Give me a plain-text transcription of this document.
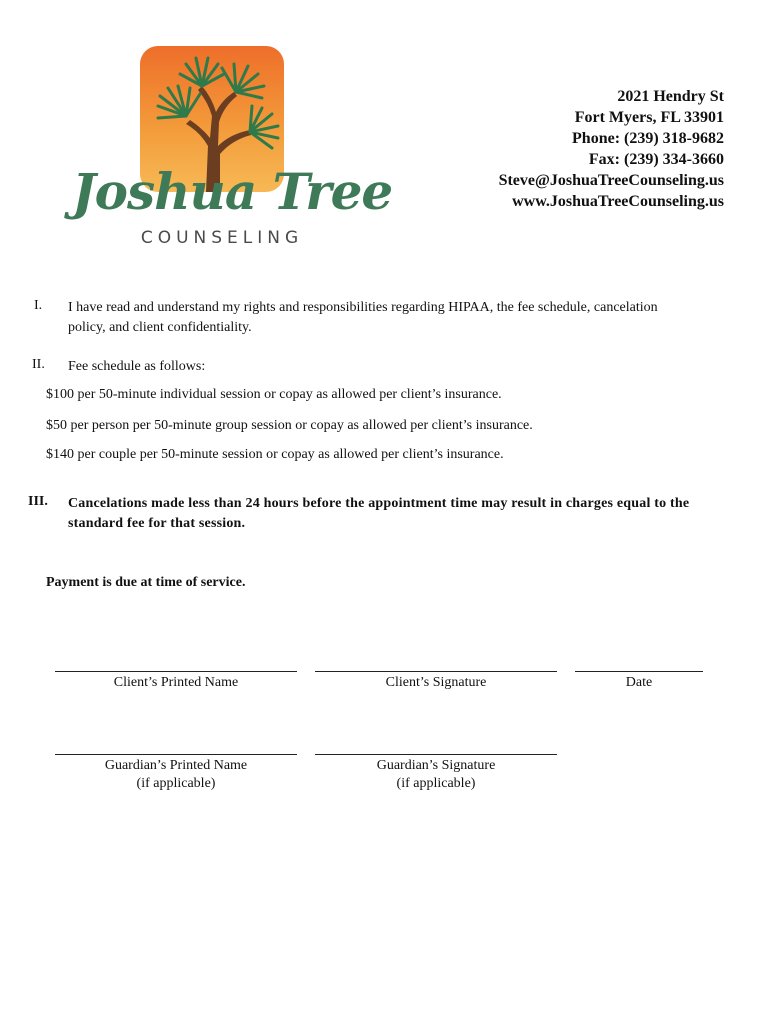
Joshua Tree
COUNSELING
2021 Hendry St
Fort Myers, FL 33901
Phone: (239) 318-9682
Fax: (239) 334-3660
Steve@JoshuaTreeCounseling.us
www.JoshuaTreeCounseling.us
I. I have read and understand my rights and responsibilities regarding HIPAA, the fee schedule, cancelation
policy, and client confidentiality.
II. Fee schedule as follows:
$100 per 50-minute individual session or copay as allowed per client’s insurance.
$50 per person per 50-minute group session or copay as allowed per client’s insurance.
$140 per couple per 50-minute session or copay as allowed per client’s insurance.
III. Cancelations made less than 24 hours before the appointment time may result in charges equal to the
standard fee for that session.
Payment is due at time of service.
Client’s Printed Name	Client’s Signature	Date
Guardian’s Printed Name
(if applicable)
Guardian’s Signature
(if applicable)
